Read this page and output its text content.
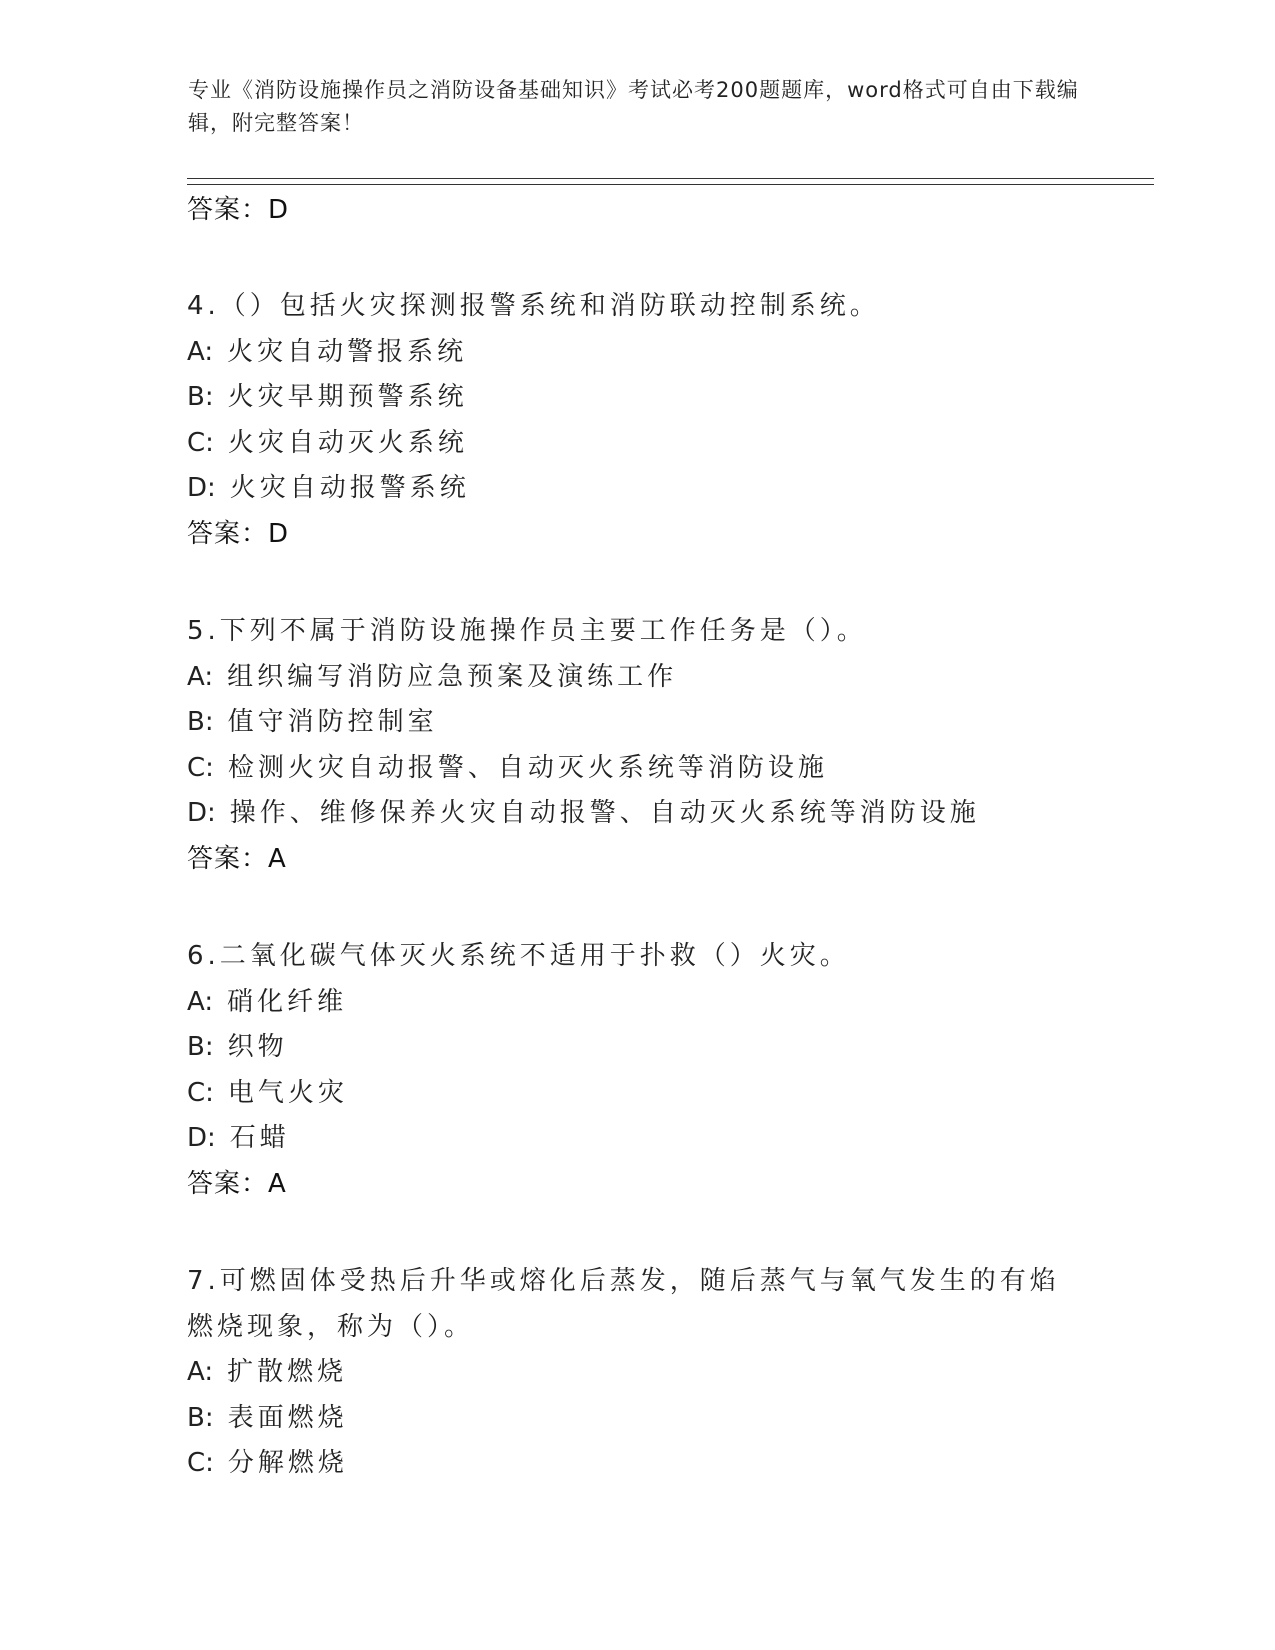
专业《消防设施操作员之消防设备基础知识》考试必考200题题库，word格式可自由下载编辑，附完整答案！
答案：D

4.（）包括火灾探测报警系统和消防联动控制系统。

A: 火灾自动警报系统

B: 火灾早期预警系统

C: 火灾自动灭火系统

D: 火灾自动报警系统

答案：D

5.下列不属于消防设施操作员主要工作任务是（）。

A: 组织编写消防应急预案及演练工作

B: 值守消防控制室

C: 检测火灾自动报警、自动灭火系统等消防设施

D: 操作、维修保养火灾自动报警、自动灭火系统等消防设施

答案：A

6.二氧化碳气体灭火系统不适用于扑救（）火灾。

A: 硝化纤维

B: 织物

C: 电气火灾

D: 石蜡

答案：A

7.可燃固体受热后升华或熔化后蒸发，随后蒸气与氧气发生的有焰燃烧现象，称为（）。

A: 扩散燃烧

B: 表面燃烧

C: 分解燃烧
